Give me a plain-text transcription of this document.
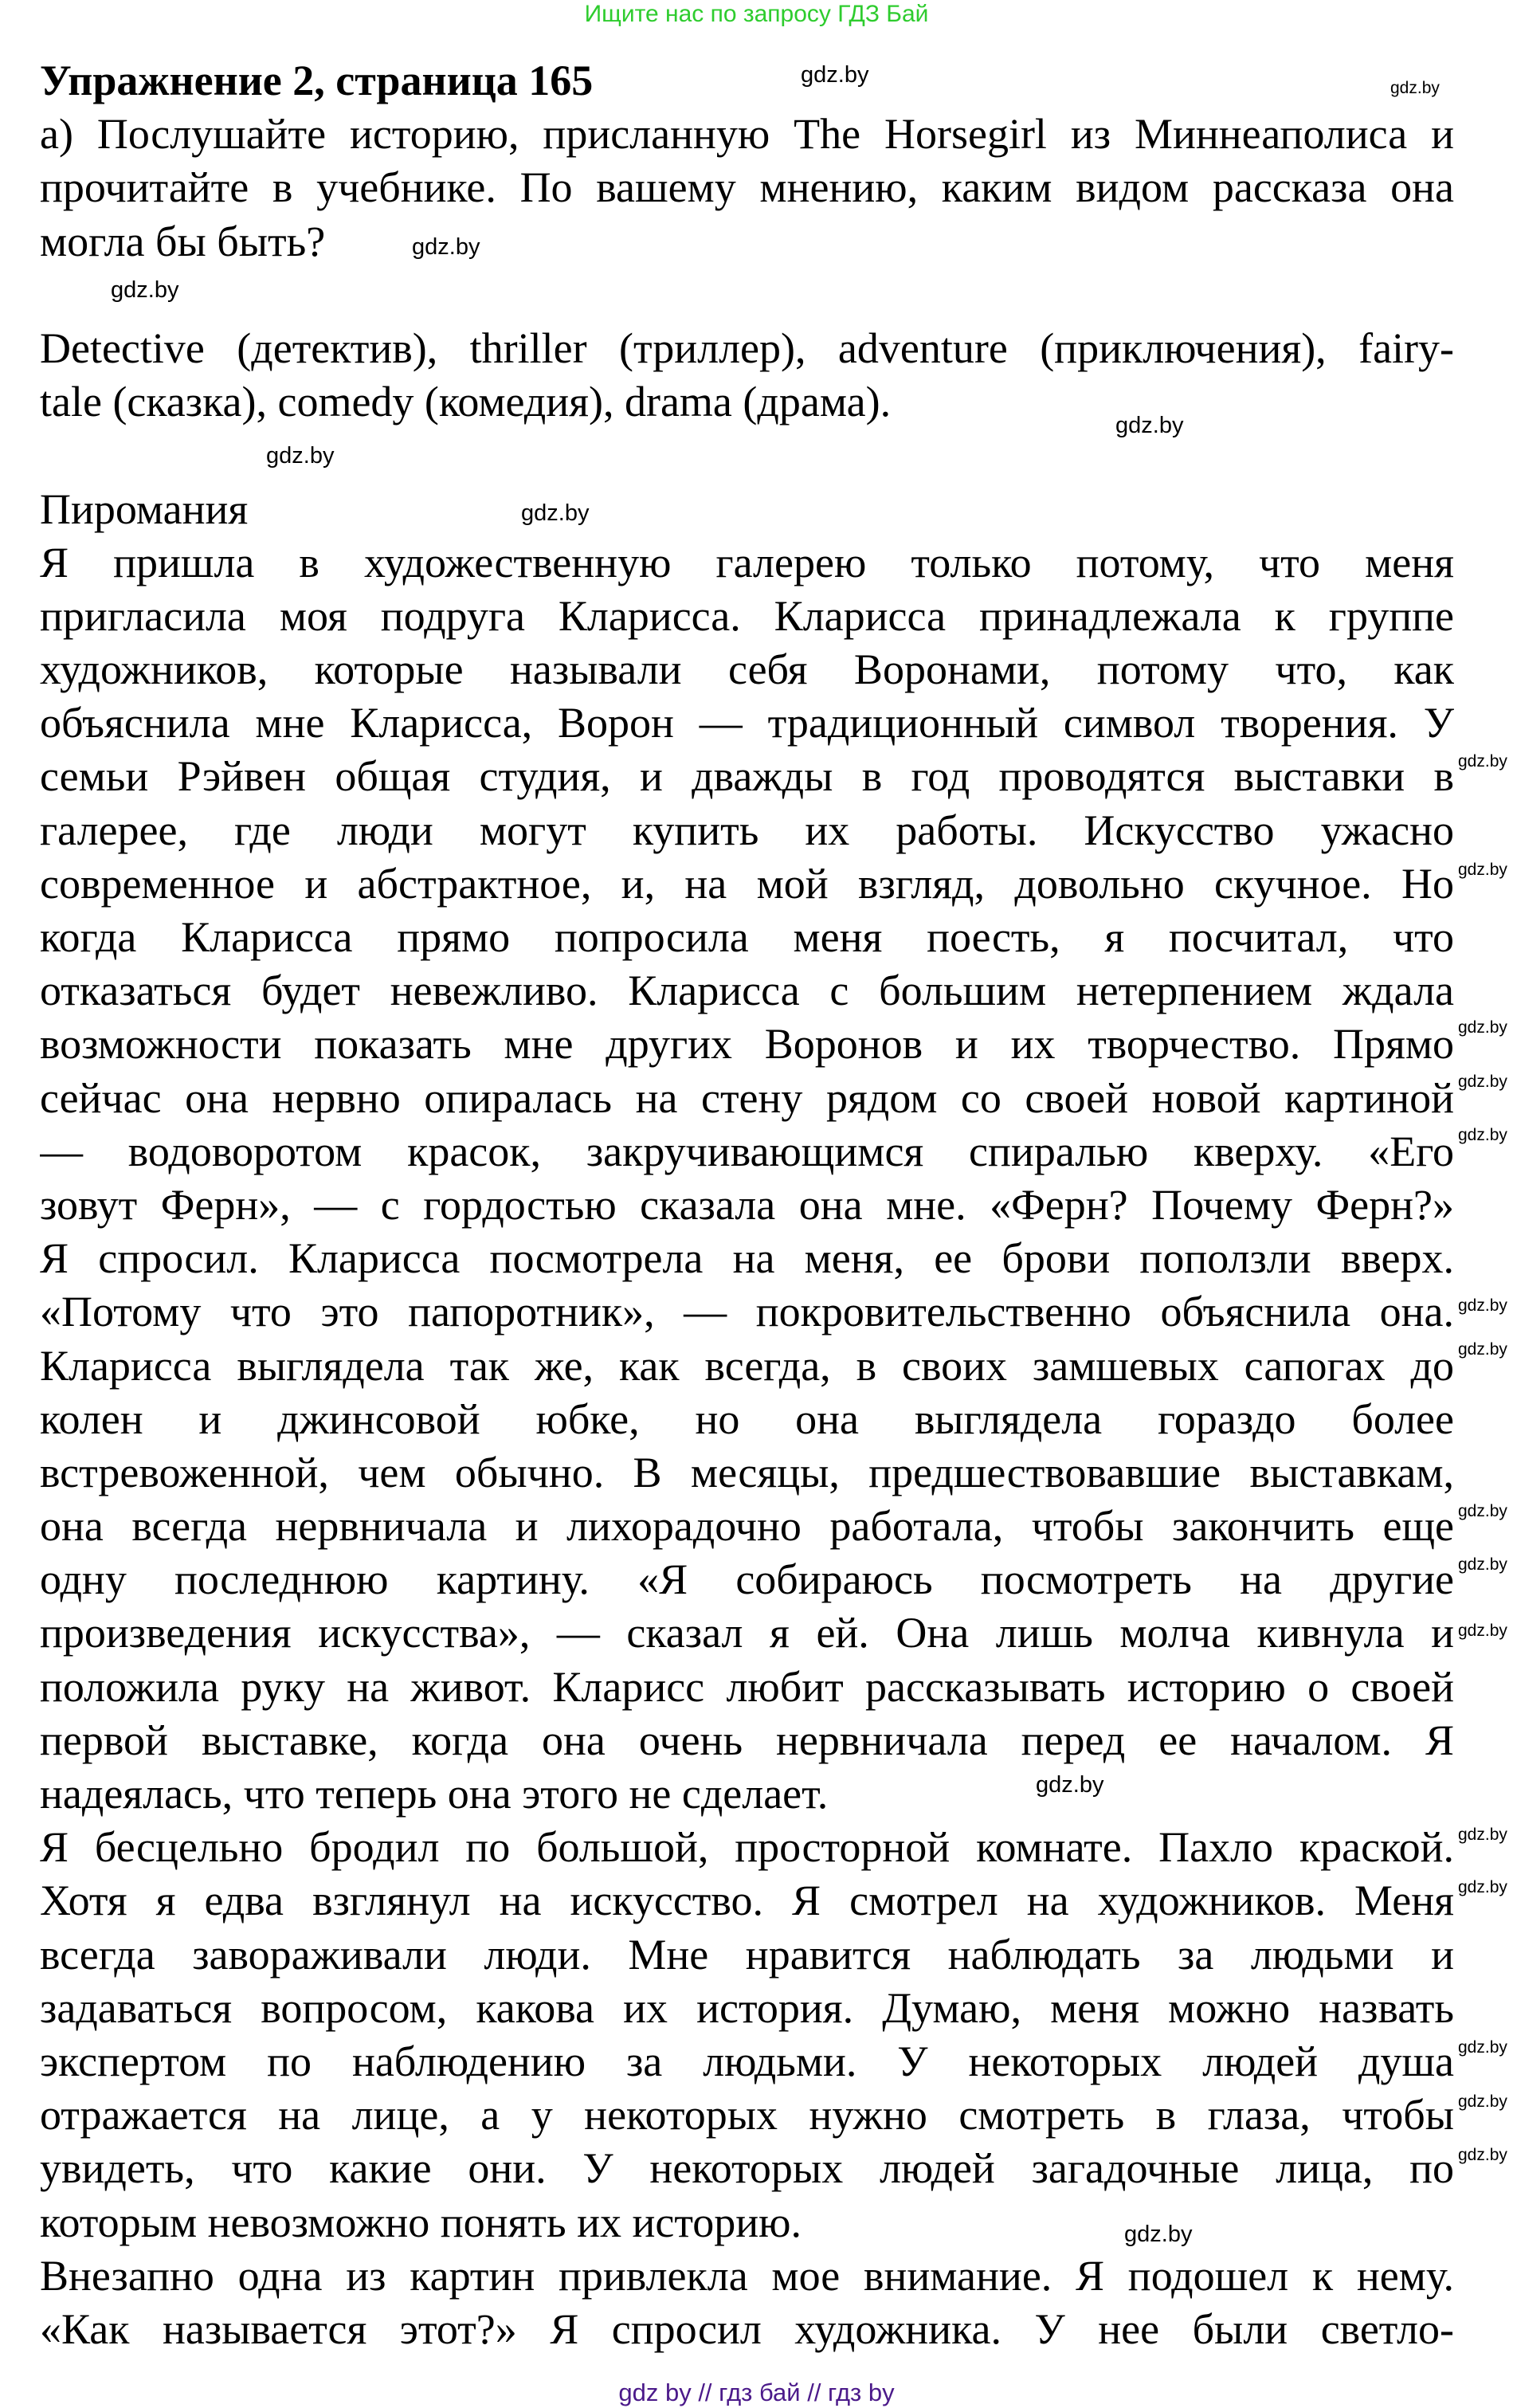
Ищите нас по запросу ГДЗ Бай
Упражнение 2, страница 165
а) Послушайте историю, присланную The Horsegirl из Миннеаполиса и
прочитайте в учебнике. По вашему мнению, каким видом рассказа она
могла бы быть?
Detective (детектив), thriller (триллер), adventure (приключения), fairy-
tale (сказка), comedy (комедия), drama (драма).
Пиромания
Я пришла в художественную галерею только потому, что меня
пригласила моя подруга Кларисса. Кларисса принадлежала к группе
художников, которые называли себя Воронами, потому что, как
объяснила мне Кларисса, Ворон — традиционный символ творения. У
семьи Рэйвен общая студия, и дважды в год проводятся выставки в
галерее, где люди могут купить их работы. Искусство ужасно
современное и абстрактное, и, на мой взгляд, довольно скучное. Но
когда Кларисса прямо попросила меня поесть, я посчитал, что
отказаться будет невежливо. Кларисса с большим нетерпением ждала
возможности показать мне других Воронов и их творчество. Прямо
сейчас она нервно опиралась на стену рядом со своей новой картиной
— водоворотом красок, закручивающимся спиралью кверху. «Его
зовут Ферн», — с гордостью сказала она мне. «Ферн? Почему Ферн?»
Я спросил. Кларисса посмотрела на меня, ее брови поползли вверх.
«Потому что это папоротник», — покровительственно объяснила она.
Кларисса выглядела так же, как всегда, в своих замшевых сапогах до
колен и джинсовой юбке, но она выглядела гораздо более
встревоженной, чем обычно. В месяцы, предшествовавшие выставкам,
она всегда нервничала и лихорадочно работала, чтобы закончить еще
одну последнюю картину. «Я собираюсь посмотреть на другие
произведения искусства», — сказал я ей. Она лишь молча кивнула и
положила руку на живот. Кларисс любит рассказывать историю о своей
первой выставке, когда она очень нервничала перед ее началом. Я
надеялась, что теперь она этого не сделает.
Я бесцельно бродил по большой, просторной комнате. Пахло краской.
Хотя я едва взглянул на искусство. Я смотрел на художников. Меня
всегда завораживали люди. Мне нравится наблюдать за людьми и
задаваться вопросом, какова их история. Думаю, меня можно назвать
экспертом по наблюдению за людьми. У некоторых людей душа
отражается на лице, а у некоторых нужно смотреть в глаза, чтобы
увидеть, что какие они. У некоторых людей загадочные лица, по
которым невозможно понять их историю.
Внезапно одна из картин привлекла мое внимание. Я подошел к нему.
«Как называется этот?» Я спросил художника. У нее были светло-
gdz.by
gdz.by
gdz.by
gdz.by
gdz.by
gdz.by
gdz.by
gdz.by
gdz.by
gdz.by
gdz.by
gdz.by
gdz.by
gdz.by
gdz.by
gdz.by
gdz.by
gdz.by
gdz.by
gdz.by
gdz.by
gdz.by
gdz.by
gdz.by
gdz by // гдз бай // гдз by
